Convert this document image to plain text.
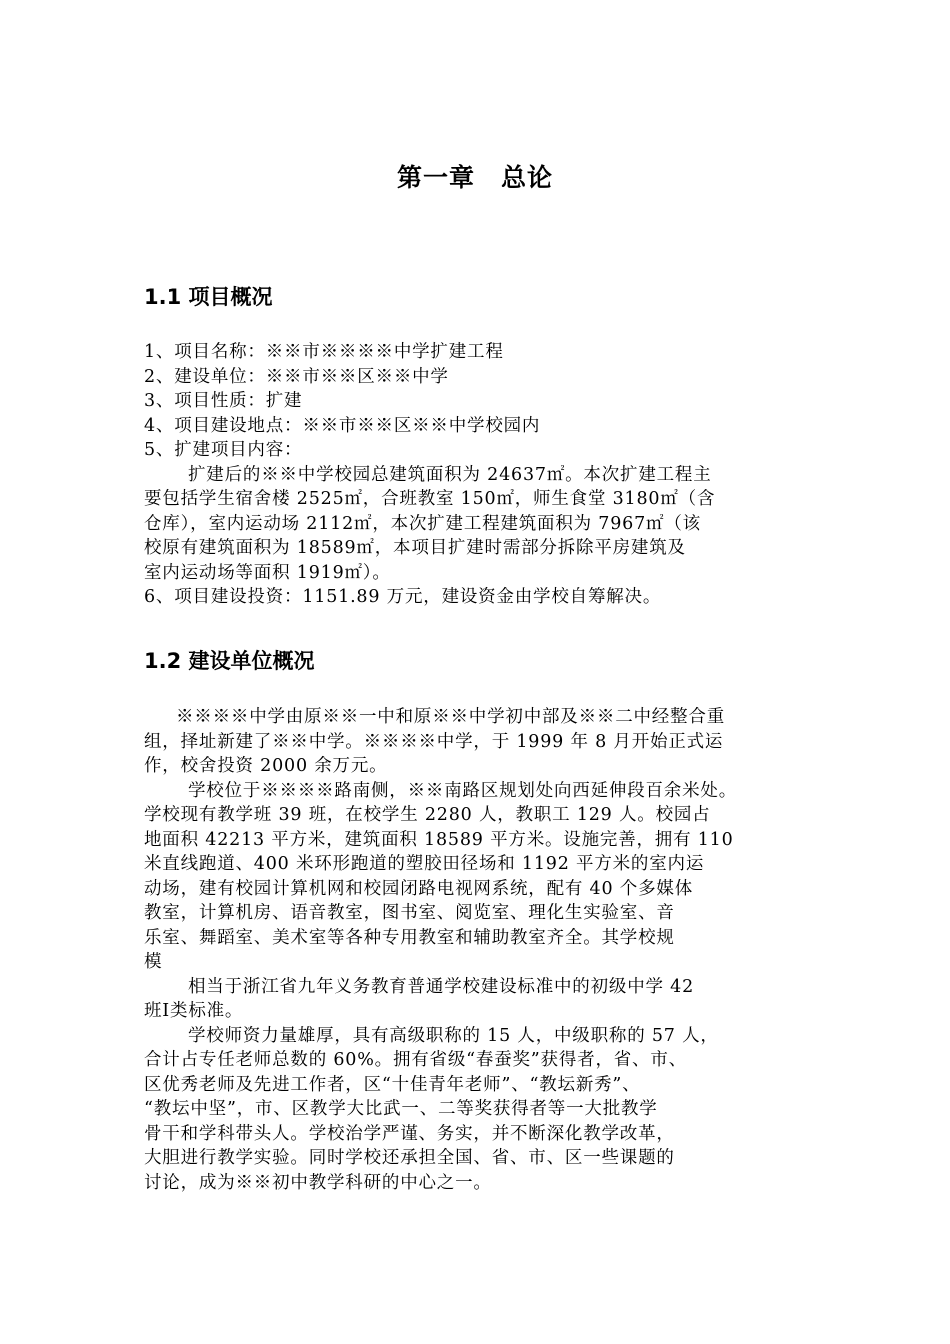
第一章　总论
1.1 项目概况
1、项目名称：※※市※※※※中学扩建工程
2、建设单位：※※市※※区※※中学
3、项目性质：扩建
4、项目建设地点：※※市※※区※※中学校园内
5、扩建项目内容：
扩建后的※※中学校园总建筑面积为 24637㎡。本次扩建工程主
要包括学生宿舍楼 2525㎡，合班教室 150㎡，师生食堂 3180㎡（含
仓库），室内运动场 2112㎡，本次扩建工程建筑面积为 7967㎡（该
校原有建筑面积为 18589㎡，本项目扩建时需部分拆除平房建筑及
室内运动场等面积 1919㎡）。
6、项目建设投资：1151.89 万元，建设资金由学校自筹解决。
1.2 建设单位概况
※※※※中学由原※※一中和原※※中学初中部及※※二中经整合重
组，择址新建了※※中学。※※※※中学，于 1999 年 8 月开始正式运
作，校舍投资 2000 余万元。
学校位于※※※※路南侧，※※南路区规划处向西延伸段百余米处。
学校现有教学班 39 班，在校学生 2280 人，教职工 129 人。校园占
地面积 42213 平方米，建筑面积 18589 平方米。设施完善，拥有 110
米直线跑道、400 米环形跑道的塑胶田径场和 1192 平方米的室内运
动场，建有校园计算机网和校园闭路电视网系统，配有 40 个多媒体
教室，计算机房、语音教室，图书室、阅览室、理化生实验室、音
乐室、舞蹈室、美术室等各种专用教室和辅助教室齐全。其学校规
模
相当于浙江省九年义务教育普通学校建设标准中的初级中学 42
班Ⅰ类标准。
学校师资力量雄厚，具有高级职称的 15 人，中级职称的 57 人，
合计占专任老师总数的 60%。拥有省级“春蚕奖”获得者，省、市、
区优秀老师及先进工作者，区“十佳青年老师”、“教坛新秀”、
“教坛中坚”，市、区教学大比武一、二等奖获得者等一大批教学
骨干和学科带头人。学校治学严谨、务实，并不断深化教学改革，
大胆进行教学实验。同时学校还承担全国、省、市、区一些课题的
讨论，成为※※初中教学科研的中心之一。
